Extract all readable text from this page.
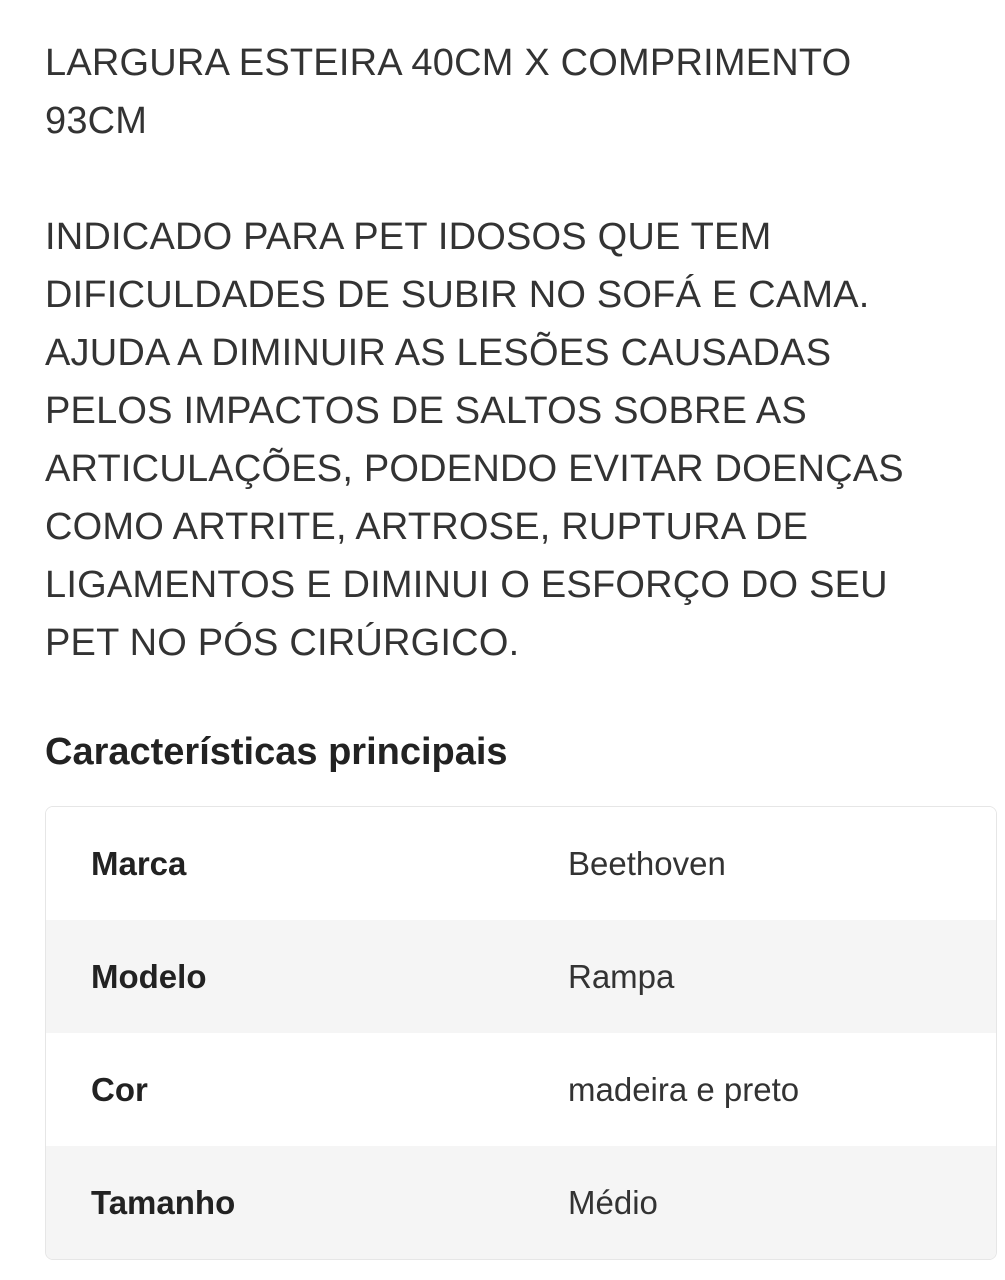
LARGURA ESTEIRA 40CM X COMPRIMENTO
93CM

INDICADO PARA PET IDOSOS QUE TEM
DIFICULDADES DE SUBIR NO SOFÁ E CAMA.
AJUDA A DIMINUIR AS LESÕES CAUSADAS
PELOS IMPACTOS DE SALTOS SOBRE AS
ARTICULAÇÕES, PODENDO EVITAR DOENÇAS
COMO ARTRITE, ARTROSE, RUPTURA DE
LIGAMENTOS E DIMINUI O ESFORÇO DO SEU
PET NO PÓS CIRÚRGICO.

Características principais
Marca	Beethoven
Modelo	Rampa
Cor	madeira e preto
Tamanho	Médio
